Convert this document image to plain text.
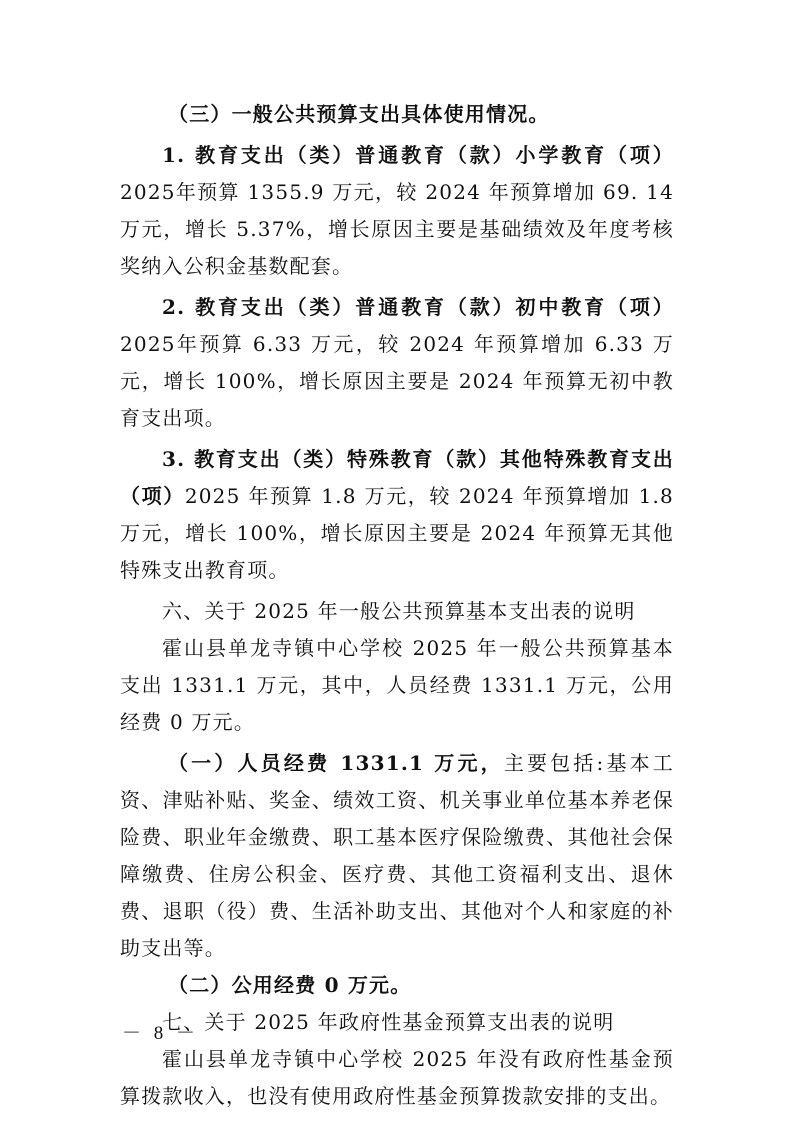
（三）一般公共预算支出具体使用情况。

1. 教育支出（类）普通教育（款）小学教育（项）2025年预算 1355.9 万元，较 2024 年预算增加 69. 14 万元，增长 5.37%，增长原因主要是基础绩效及年度考核奖纳入公积金基数配套。

2. 教育支出（类）普通教育（款）初中教育（项）2025年预算 6.33 万元，较 2024 年预算增加 6.33 万元，增长 100%，增长原因主要是 2024 年预算无初中教育支出项。

3. 教育支出（类）特殊教育（款）其他特殊教育支出（项）2025 年预算 1.8 万元，较 2024 年预算增加 1.8 万元，增长 100%，增长原因主要是 2024 年预算无其他特殊支出教育项。

六、关于 2025 年一般公共预算基本支出表的说明

霍山县单龙寺镇中心学校 2025 年一般公共预算基本支出 1331.1 万元，其中，人员经费 1331.1 万元，公用经费 0 万元。

（一）人员经费 1331.1 万元，主要包括:基本工资、津贴补贴、奖金、绩效工资、机关事业单位基本养老保险费、职业年金缴费、职工基本医疗保险缴费、其他社会保障缴费、住房公积金、医疗费、其他工资福利支出、退休费、退职（役）费、生活补助支出、其他对个人和家庭的补助支出等。

（二）公用经费 0 万元。

七、关于 2025 年政府性基金预算支出表的说明

霍山县单龙寺镇中心学校 2025 年没有政府性基金预算拨款收入，也没有使用政府性基金预算拨款安排的支出。

－ 8 －
